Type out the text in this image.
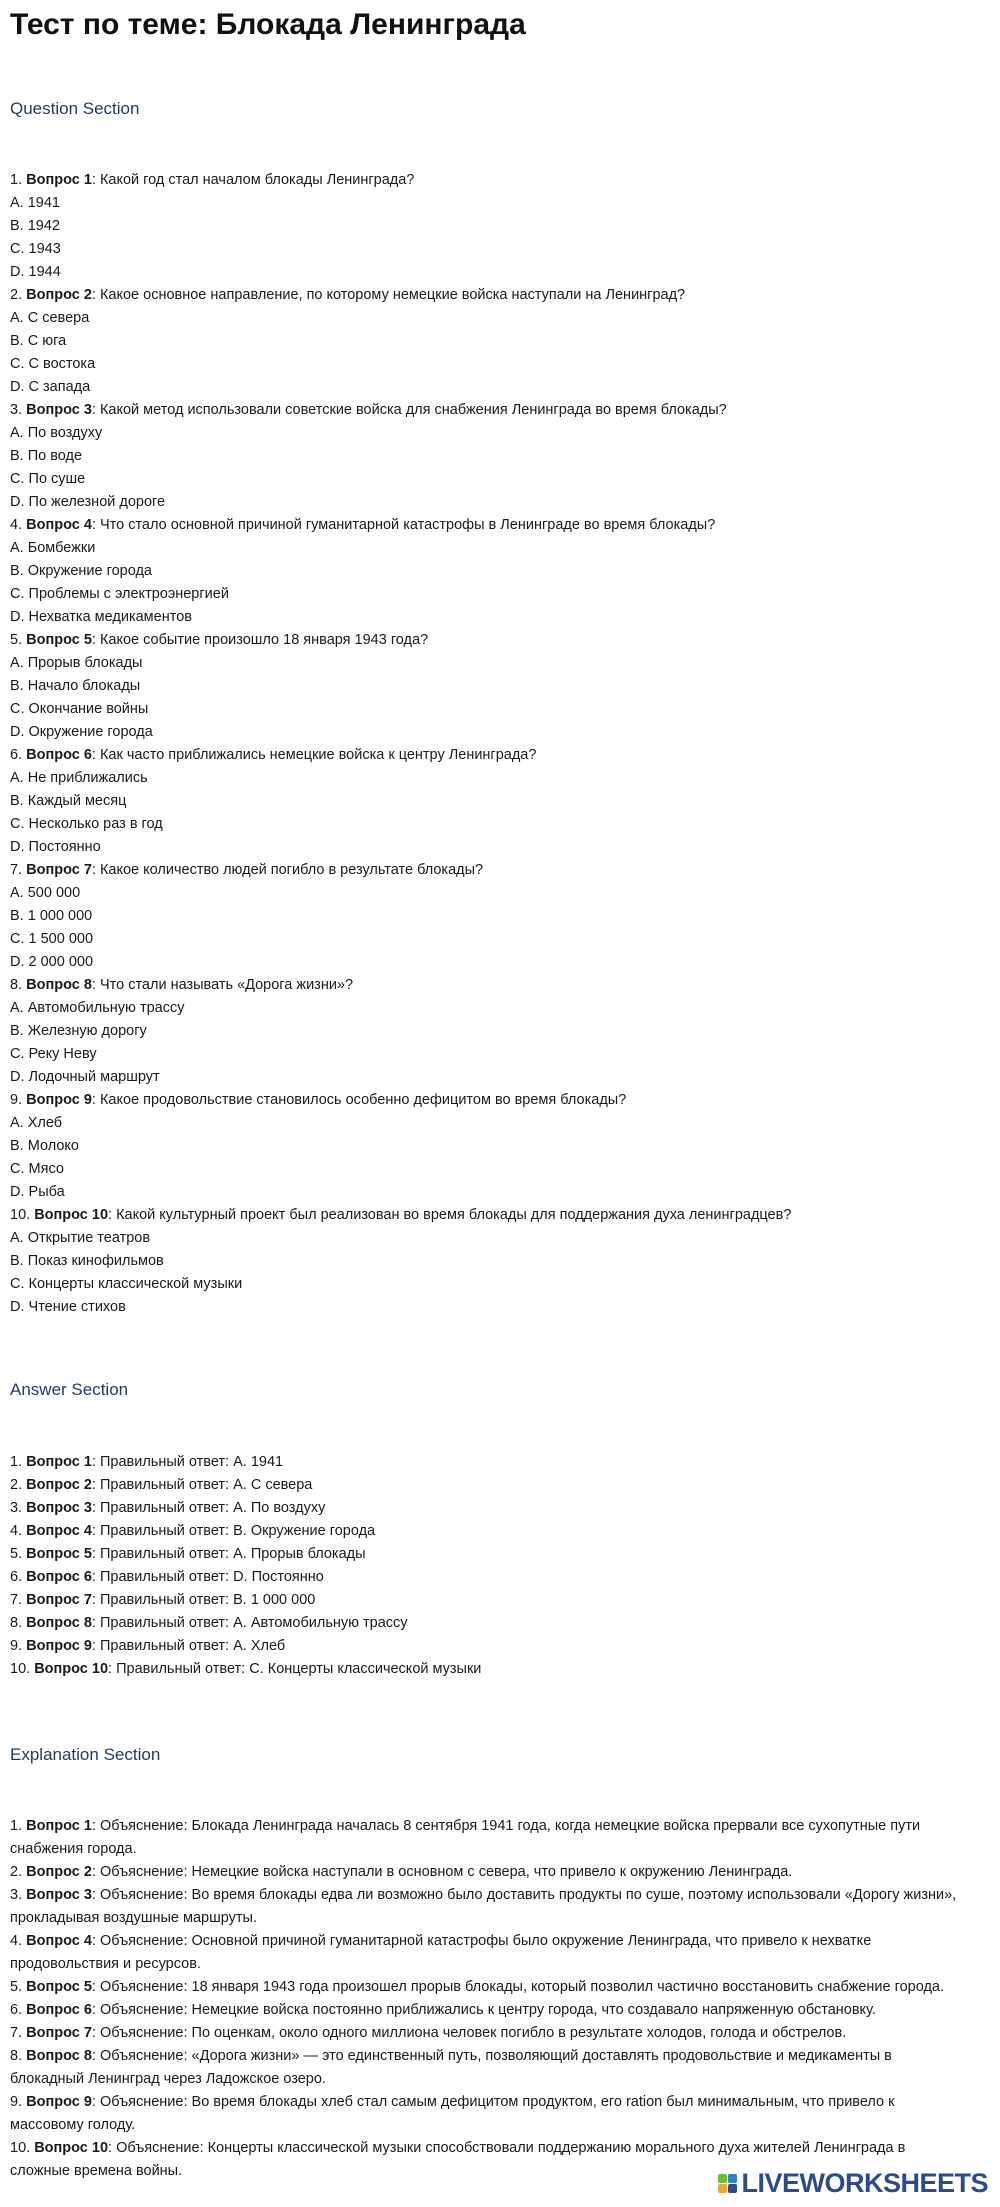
Тест по теме: Блокада Ленинграда
Question Section
1. Вопрос 1: Какой год стал началом блокады Ленинграда?
A. 1941
B. 1942
C. 1943
D. 1944
2. Вопрос 2: Какое основное направление, по которому немецкие войска наступали на Ленинград?
A. С севера
B. С юга
C. С востока
D. С запада
3. Вопрос 3: Какой метод использовали советские войска для снабжения Ленинграда во время блокады?
A. По воздуху
B. По воде
C. По суше
D. По железной дороге
4. Вопрос 4: Что стало основной причиной гуманитарной катастрофы в Ленинграде во время блокады?
A. Бомбежки
B. Окружение города
C. Проблемы с электроэнергией
D. Нехватка медикаментов
5. Вопрос 5: Какое событие произошло 18 января 1943 года?
A. Прорыв блокады
B. Начало блокады
C. Окончание войны
D. Окружение города
6. Вопрос 6: Как часто приближались немецкие войска к центру Ленинграда?
A. Не приближались
B. Каждый месяц
C. Несколько раз в год
D. Постоянно
7. Вопрос 7: Какое количество людей погибло в результате блокады?
A. 500 000
B. 1 000 000
C. 1 500 000
D. 2 000 000
8. Вопрос 8: Что стали называть «Дорога жизни»?
A. Автомобильную трассу
B. Железную дорогу
C. Реку Неву
D. Лодочный маршрут
9. Вопрос 9: Какое продовольствие становилось особенно дефицитом во время блокады?
A. Хлеб
B. Молоко
C. Мясо
D. Рыба
10. Вопрос 10: Какой культурный проект был реализован во время блокады для поддержания духа ленинградцев?
A. Открытие театров
B. Показ кинофильмов
C. Концерты классической музыки
D. Чтение стихов
Answer Section
1. Вопрос 1: Правильный ответ: A. 1941
2. Вопрос 2: Правильный ответ: A. С севера
3. Вопрос 3: Правильный ответ: A. По воздуху
4. Вопрос 4: Правильный ответ: B. Окружение города
5. Вопрос 5: Правильный ответ: A. Прорыв блокады
6. Вопрос 6: Правильный ответ: D. Постоянно
7. Вопрос 7: Правильный ответ: B. 1 000 000
8. Вопрос 8: Правильный ответ: A. Автомобильную трассу
9. Вопрос 9: Правильный ответ: A. Хлеб
10. Вопрос 10: Правильный ответ: C. Концерты классической музыки
Explanation Section
1. Вопрос 1: Объяснение: Блокада Ленинграда началась 8 сентября 1941 года, когда немецкие войска прервали все сухопутные пути снабжения города.
2. Вопрос 2: Объяснение: Немецкие войска наступали в основном с севера, что привело к окружению Ленинграда.
3. Вопрос 3: Объяснение: Во время блокады едва ли возможно было доставить продукты по суше, поэтому использовали «Дорогу жизни», прокладывая воздушные маршруты.
4. Вопрос 4: Объяснение: Основной причиной гуманитарной катастрофы было окружение Ленинграда, что привело к нехватке продовольствия и ресурсов.
5. Вопрос 5: Объяснение: 18 января 1943 года произошел прорыв блокады, который позволил частично восстановить снабжение города.
6. Вопрос 6: Объяснение: Немецкие войска постоянно приближались к центру города, что создавало напряженную обстановку.
7. Вопрос 7: Объяснение: По оценкам, около одного миллиона человек погибло в результате холодов, голода и обстрелов.
8. Вопрос 8: Объяснение: «Дорога жизни» — это единственный путь, позволяющий доставлять продовольствие и медикаменты в блокадный Ленинград через Ладожское озеро.
9. Вопрос 9: Объяснение: Во время блокады хлеб стал самым дефицитом продуктом, его ration был минимальным, что привело к массовому голоду.
10. Вопрос 10: Объяснение: Концерты классической музыки способствовали поддержанию морального духа жителей Ленинграда в сложные времена войны.	LIVEWORKSHEETS
